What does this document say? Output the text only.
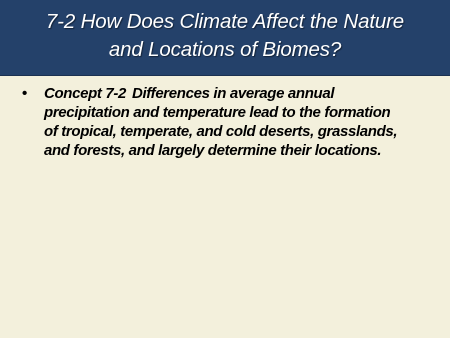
7-2 How Does Climate Affect the Nature
and Locations of Biomes?
•	Concept 7-2 Differences in average annual
precipitation and temperature lead to the formation
of tropical, temperate, and cold deserts, grasslands,
and forests, and largely determine their locations.
